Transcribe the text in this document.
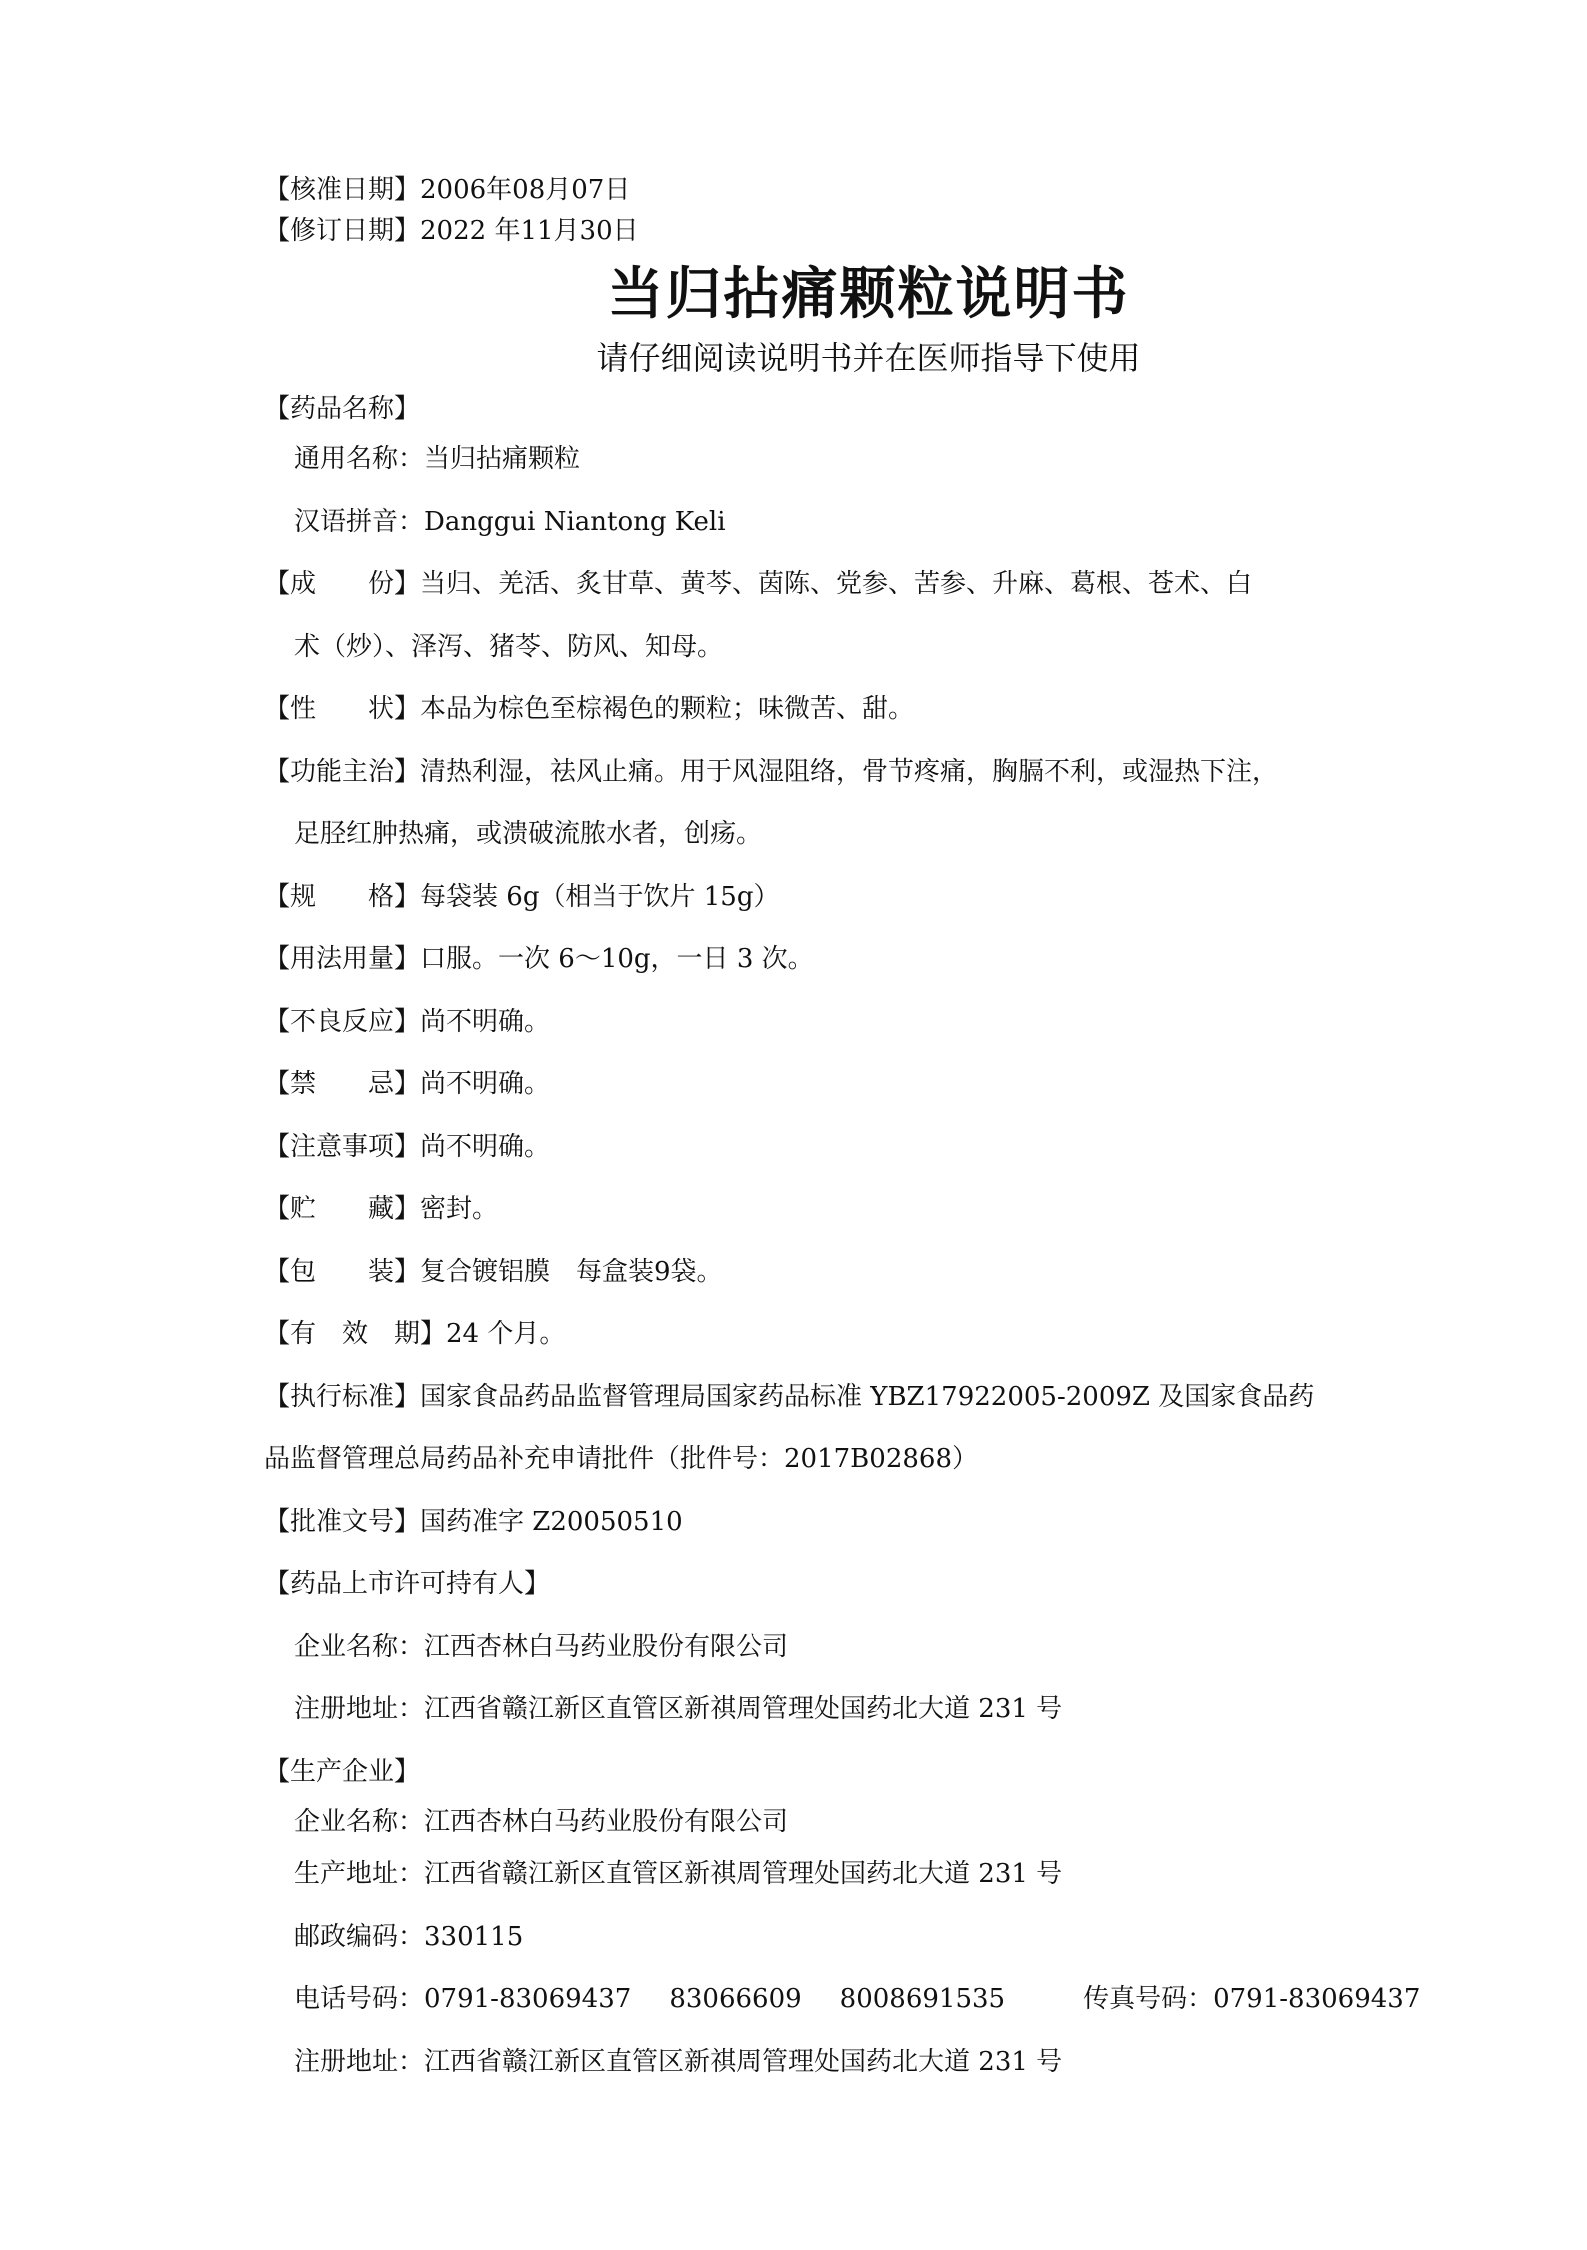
【核准日期】2006年08月07日
【修订日期】2022 年11月30日
当归拈痛颗粒说明书
请仔细阅读说明书并在医师指导下使用
【药品名称】
通用名称：当归拈痛颗粒
汉语拼音：Danggui Niantong Keli
【成　　份】当归、羌活、炙甘草、黄芩、茵陈、党参、苦参、升麻、葛根、苍术、白
术（炒）、泽泻、猪苓、防风、知母。
【性　　状】本品为棕色至棕褐色的颗粒；味微苦、甜。
【功能主治】清热利湿，祛风止痛。用于风湿阻络，骨节疼痛，胸膈不利，或湿热下注，
足胫红肿热痛，或溃破流脓水者，创疡。
【规　　格】每袋装 6g（相当于饮片 15g）
【用法用量】口服。一次 6～10g，一日 3 次。
【不良反应】尚不明确。
【禁　　忌】尚不明确。
【注意事项】尚不明确。
【贮　　藏】密封。
【包　　装】复合镀铝膜　每盒装9袋。
【有　效　期】24 个月。
【执行标准】国家食品药品监督管理局国家药品标准 YBZ17922005-2009Z 及国家食品药
品监督管理总局药品补充申请批件（批件号：2017B02868）
【批准文号】国药准字 Z20050510
【药品上市许可持有人】
企业名称：江西杏林白马药业股份有限公司
注册地址：江西省赣江新区直管区新祺周管理处国药北大道 231 号
【生产企业】
企业名称：江西杏林白马药业股份有限公司
生产地址：江西省赣江新区直管区新祺周管理处国药北大道 231 号
邮政编码：330115
电话号码：0791-83069437 83066609 8008691535	传真号码：0791-83069437
注册地址：江西省赣江新区直管区新祺周管理处国药北大道 231 号
